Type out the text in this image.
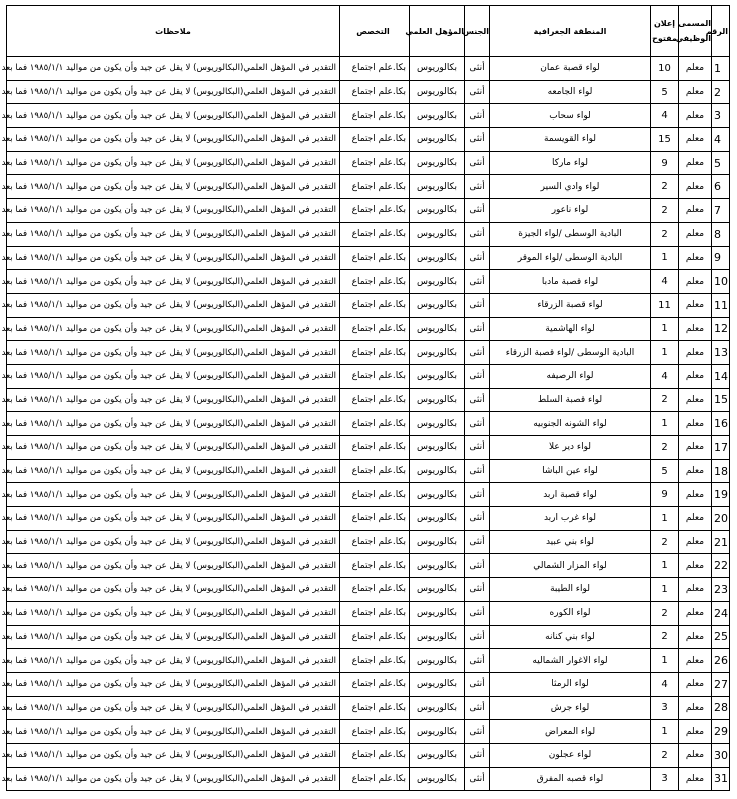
الرقم	المسمى الوظيفي	إعلان مفتوح	المنطقة الجغرافية	الجنس	المؤهل العلمي	التخصص	ملاحظات
1	معلم	10	لواء قصبة عمان	أنثى	بكالوريوس	بكا.علم اجتماع	التقدير في المؤهل العلمي(البكالوريوس) لا يقل عن جيد وأن يكون من مواليد ١٩٨٥/١/١ فما بعد
2	معلم	5	لواء الجامعه	أنثى	بكالوريوس	بكا.علم اجتماع	التقدير في المؤهل العلمي(البكالوريوس) لا يقل عن جيد وأن يكون من مواليد ١٩٨٥/١/١ فما بعد
3	معلم	4	لواء سحاب	أنثى	بكالوريوس	بكا.علم اجتماع	التقدير في المؤهل العلمي(البكالوريوس) لا يقل عن جيد وأن يكون من مواليد ١٩٨٥/١/١ فما بعد
4	معلم	15	لواء القويسمة	أنثى	بكالوريوس	بكا.علم اجتماع	التقدير في المؤهل العلمي(البكالوريوس) لا يقل عن جيد وأن يكون من مواليد ١٩٨٥/١/١ فما بعد
5	معلم	9	لواء ماركا	أنثى	بكالوريوس	بكا.علم اجتماع	التقدير في المؤهل العلمي(البكالوريوس) لا يقل عن جيد وأن يكون من مواليد ١٩٨٥/١/١ فما بعد
6	معلم	2	لواء وادي السير	أنثى	بكالوريوس	بكا.علم اجتماع	التقدير في المؤهل العلمي(البكالوريوس) لا يقل عن جيد وأن يكون من مواليد ١٩٨٥/١/١ فما بعد
7	معلم	2	لواء ناعور	أنثى	بكالوريوس	بكا.علم اجتماع	التقدير في المؤهل العلمي(البكالوريوس) لا يقل عن جيد وأن يكون من مواليد ١٩٨٥/١/١ فما بعد
8	معلم	2	البادية الوسطى /لواء الجيزة	أنثى	بكالوريوس	بكا.علم اجتماع	التقدير في المؤهل العلمي(البكالوريوس) لا يقل عن جيد وأن يكون من مواليد ١٩٨٥/١/١ فما بعد
9	معلم	1	البادية الوسطى /لواء الموقر	أنثى	بكالوريوس	بكا.علم اجتماع	التقدير في المؤهل العلمي(البكالوريوس) لا يقل عن جيد وأن يكون من مواليد ١٩٨٥/١/١ فما بعد
10	معلم	4	لواء قصبة مادبا	أنثى	بكالوريوس	بكا.علم اجتماع	التقدير في المؤهل العلمي(البكالوريوس) لا يقل عن جيد وأن يكون من مواليد ١٩٨٥/١/١ فما بعد
11	معلم	11	لواء قصبة الزرقاء	أنثى	بكالوريوس	بكا.علم اجتماع	التقدير في المؤهل العلمي(البكالوريوس) لا يقل عن جيد وأن يكون من مواليد ١٩٨٥/١/١ فما بعد
12	معلم	1	لواء الهاشمية	أنثى	بكالوريوس	بكا.علم اجتماع	التقدير في المؤهل العلمي(البكالوريوس) لا يقل عن جيد وأن يكون من مواليد ١٩٨٥/١/١ فما بعد
13	معلم	1	البادية الوسطى /لواء قصبة الزرقاء	أنثى	بكالوريوس	بكا.علم اجتماع	التقدير في المؤهل العلمي(البكالوريوس) لا يقل عن جيد وأن يكون من مواليد ١٩٨٥/١/١ فما بعد
14	معلم	4	لواء الرصيفه	أنثى	بكالوريوس	بكا.علم اجتماع	التقدير في المؤهل العلمي(البكالوريوس) لا يقل عن جيد وأن يكون من مواليد ١٩٨٥/١/١ فما بعد
15	معلم	2	لواء قصبة السلط	أنثى	بكالوريوس	بكا.علم اجتماع	التقدير في المؤهل العلمي(البكالوريوس) لا يقل عن جيد وأن يكون من مواليد ١٩٨٥/١/١ فما بعد
16	معلم	1	لواء الشونه الجنوبيه	أنثى	بكالوريوس	بكا.علم اجتماع	التقدير في المؤهل العلمي(البكالوريوس) لا يقل عن جيد وأن يكون من مواليد ١٩٨٥/١/١ فما بعد
17	معلم	2	لواء دير علا	أنثى	بكالوريوس	بكا.علم اجتماع	التقدير في المؤهل العلمي(البكالوريوس) لا يقل عن جيد وأن يكون من مواليد ١٩٨٥/١/١ فما بعد
18	معلم	5	لواء عين الباشا	أنثى	بكالوريوس	بكا.علم اجتماع	التقدير في المؤهل العلمي(البكالوريوس) لا يقل عن جيد وأن يكون من مواليد ١٩٨٥/١/١ فما بعد
19	معلم	9	لواء قصبة اربد	أنثى	بكالوريوس	بكا.علم اجتماع	التقدير في المؤهل العلمي(البكالوريوس) لا يقل عن جيد وأن يكون من مواليد ١٩٨٥/١/١ فما بعد
20	معلم	1	لواء غرب اربد	أنثى	بكالوريوس	بكا.علم اجتماع	التقدير في المؤهل العلمي(البكالوريوس) لا يقل عن جيد وأن يكون من مواليد ١٩٨٥/١/١ فما بعد
21	معلم	2	لواء بني عبيد	أنثى	بكالوريوس	بكا.علم اجتماع	التقدير في المؤهل العلمي(البكالوريوس) لا يقل عن جيد وأن يكون من مواليد ١٩٨٥/١/١ فما بعد
22	معلم	1	لواء المزار الشمالي	أنثى	بكالوريوس	بكا.علم اجتماع	التقدير في المؤهل العلمي(البكالوريوس) لا يقل عن جيد وأن يكون من مواليد ١٩٨٥/١/١ فما بعد
23	معلم	1	لواء الطيبة	أنثى	بكالوريوس	بكا.علم اجتماع	التقدير في المؤهل العلمي(البكالوريوس) لا يقل عن جيد وأن يكون من مواليد ١٩٨٥/١/١ فما بعد
24	معلم	2	لواء الكوره	أنثى	بكالوريوس	بكا.علم اجتماع	التقدير في المؤهل العلمي(البكالوريوس) لا يقل عن جيد وأن يكون من مواليد ١٩٨٥/١/١ فما بعد
25	معلم	2	لواء بني كنانه	أنثى	بكالوريوس	بكا.علم اجتماع	التقدير في المؤهل العلمي(البكالوريوس) لا يقل عن جيد وأن يكون من مواليد ١٩٨٥/١/١ فما بعد
26	معلم	1	لواء الاغوار الشماليه	أنثى	بكالوريوس	بكا.علم اجتماع	التقدير في المؤهل العلمي(البكالوريوس) لا يقل عن جيد وأن يكون من مواليد ١٩٨٥/١/١ فما بعد
27	معلم	4	لواء الرمثا	أنثى	بكالوريوس	بكا.علم اجتماع	التقدير في المؤهل العلمي(البكالوريوس) لا يقل عن جيد وأن يكون من مواليد ١٩٨٥/١/١ فما بعد
28	معلم	3	لواء جرش	أنثى	بكالوريوس	بكا.علم اجتماع	التقدير في المؤهل العلمي(البكالوريوس) لا يقل عن جيد وأن يكون من مواليد ١٩٨٥/١/١ فما بعد
29	معلم	1	لواء المعراض	أنثى	بكالوريوس	بكا.علم اجتماع	التقدير في المؤهل العلمي(البكالوريوس) لا يقل عن جيد وأن يكون من مواليد ١٩٨٥/١/١ فما بعد
30	معلم	2	لواء عجلون	أنثى	بكالوريوس	بكا.علم اجتماع	التقدير في المؤهل العلمي(البكالوريوس) لا يقل عن جيد وأن يكون من مواليد ١٩٨٥/١/١ فما بعد
31	معلم	3	لواء قصبه المفرق	أنثى	بكالوريوس	بكا.علم اجتماع	التقدير في المؤهل العلمي(البكالوريوس) لا يقل عن جيد وأن يكون من مواليد ١٩٨٥/١/١ فما بعد
